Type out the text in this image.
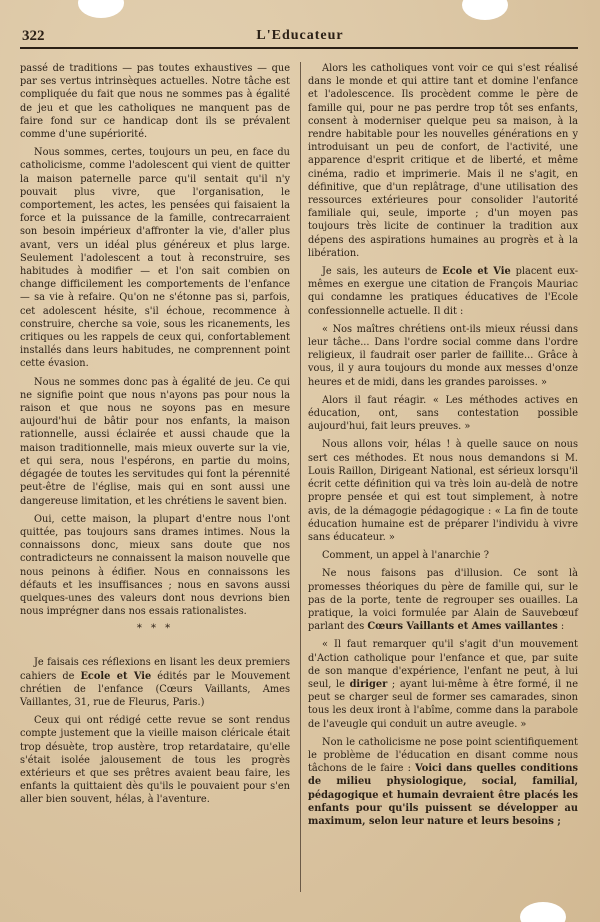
322	L'Educateur

passé de traditions — pas toutes exhaustives — que par ses vertus intrinsèques actuelles. Notre tâche est compliquée du fait que nous ne sommes pas à égalité de jeu et que les catholiques ne manquent pas de faire fond sur ce handicap dont ils se prévalent comme d'une supériorité.

Nous sommes, certes, toujours un peu, en face du catholicisme, comme l'adolescent qui vient de quitter la maison paternelle parce qu'il sentait qu'il n'y pouvait plus vivre, que l'organisation, le comportement, les actes, les pensées qui faisaient la force et la puissance de la famille, contrecarraient son besoin impérieux d'affronter la vie, d'aller plus avant, vers un idéal plus généreux et plus large. Seulement l'adolescent a tout à reconstruire, ses habitudes à modifier — et l'on sait combien on change difficilement les comportements de l'enfance — sa vie à refaire. Qu'on ne s'étonne pas si, parfois, cet adolescent hésite, s'il échoue, recommence à construire, cherche sa voie, sous les ricanements, les critiques ou les rappels de ceux qui, confortablement installés dans leurs habitudes, ne comprennent point cette évasion.

Nous ne sommes donc pas à égalité de jeu. Ce qui ne signifie point que nous n'ayons pas pour nous la raison et que nous ne soyons pas en mesure aujourd'hui de bâtir pour nos enfants, la maison rationnelle, aussi éclairée et aussi chaude que la maison traditionnelle, mais mieux ouverte sur la vie, et qui sera, nous l'espérons, en partie du moins, dégagée de toutes les servitudes qui font la pérennité peut-être de l'église, mais qui en sont aussi une dangereuse limitation, et les chrétiens le savent bien.

Oui, cette maison, la plupart d'entre nous l'ont quittée, pas toujours sans drames intimes. Nous la connaissons donc, mieux sans doute que nos contradicteurs ne connaissent la maison nouvelle que nous peinons à édifier. Nous en connaissons les défauts et les insuffisances ; nous en savons aussi quelques-unes des valeurs dont nous devrions bien nous imprégner dans nos essais rationalistes.

* * *

Je faisais ces réflexions en lisant les deux premiers cahiers de Ecole et Vie édités par le Mouvement chrétien de l'enfance (Cœurs Vaillants, Ames Vaillantes, 31, rue de Fleurus, Paris.)

Ceux qui ont rédigé cette revue se sont rendus compte justement que la vieille maison cléricale était trop désuète, trop austère, trop retardataire, qu'elle s'était isolée jalousement de tous les progrès extérieurs et que ses prêtres avaient beau faire, les enfants la quittaient dès qu'ils le pouvaient pour s'en aller bien souvent, hélas, à l'aventure.

Alors les catholiques vont voir ce qui s'est réalisé dans le monde et qui attire tant et domine l'enfance et l'adolescence. Ils procèdent comme le père de famille qui, pour ne pas perdre trop tôt ses enfants, consent à moderniser quelque peu sa maison, à la rendre habitable pour les nouvelles générations en y introduisant un peu de confort, de l'activité, une apparence d'esprit critique et de liberté, et même cinéma, radio et imprimerie. Mais il ne s'agit, en définitive, que d'un replâtrage, d'une utilisation des ressources extérieures pour consolider l'autorité familiale qui, seule, importe ; d'un moyen pas toujours très licite de continuer la tradition aux dépens des aspirations humaines au progrès et à la libération.

Je sais, les auteurs de Ecole et Vie placent eux-mêmes en exergue une citation de François Mauriac qui condamne les pratiques éducatives de l'Ecole confessionnelle actuelle. Il dit :

« Nos maîtres chrétiens ont-ils mieux réussi dans leur tâche... Dans l'ordre social comme dans l'ordre religieux, il faudrait oser parler de faillite... Grâce à vous, il y aura toujours du monde aux messes d'onze heures et de midi, dans les grandes paroisses. »

Alors il faut réagir. « Les méthodes actives en éducation, ont, sans contestation possible aujourd'hui, fait leurs preuves. »

Nous allons voir, hélas ! à quelle sauce on nous sert ces méthodes. Et nous nous demandons si M. Louis Raillon, Dirigeant National, est sérieux lorsqu'il écrit cette définition qui va très loin au-delà de notre propre pensée et qui est tout simplement, à notre avis, de la démagogie pédagogique : « La fin de toute éducation humaine est de préparer l'individu à vivre sans éducateur. »

Comment, un appel à l'anarchie ?

Ne nous faisons pas d'illusion. Ce sont là promesses théoriques du père de famille qui, sur le pas de la porte, tente de regrouper ses ouailles. La pratique, la voici formulée par Alain de Sauvebœuf parlant des Cœurs Vaillants et Ames vaillantes :

« Il faut remarquer qu'il s'agit d'un mouvement d'Action catholique pour l'enfance et que, par suite de son manque d'expérience, l'enfant ne peut, à lui seul, le diriger ; ayant lui-même à être formé, il ne peut se charger seul de former ses camarades, sinon tous les deux iront à l'abîme, comme dans la parabole de l'aveugle qui conduit un autre aveugle. »

Non le catholicisme ne pose point scientifiquement le problème de l'éducation en disant comme nous tâchons de le faire : Voici dans quelles conditions de milieu physiologique, social, familial, pédagogique et humain devraient être placés les enfants pour qu'ils puissent se développer au maximum, selon leur nature et leurs besoins ;
